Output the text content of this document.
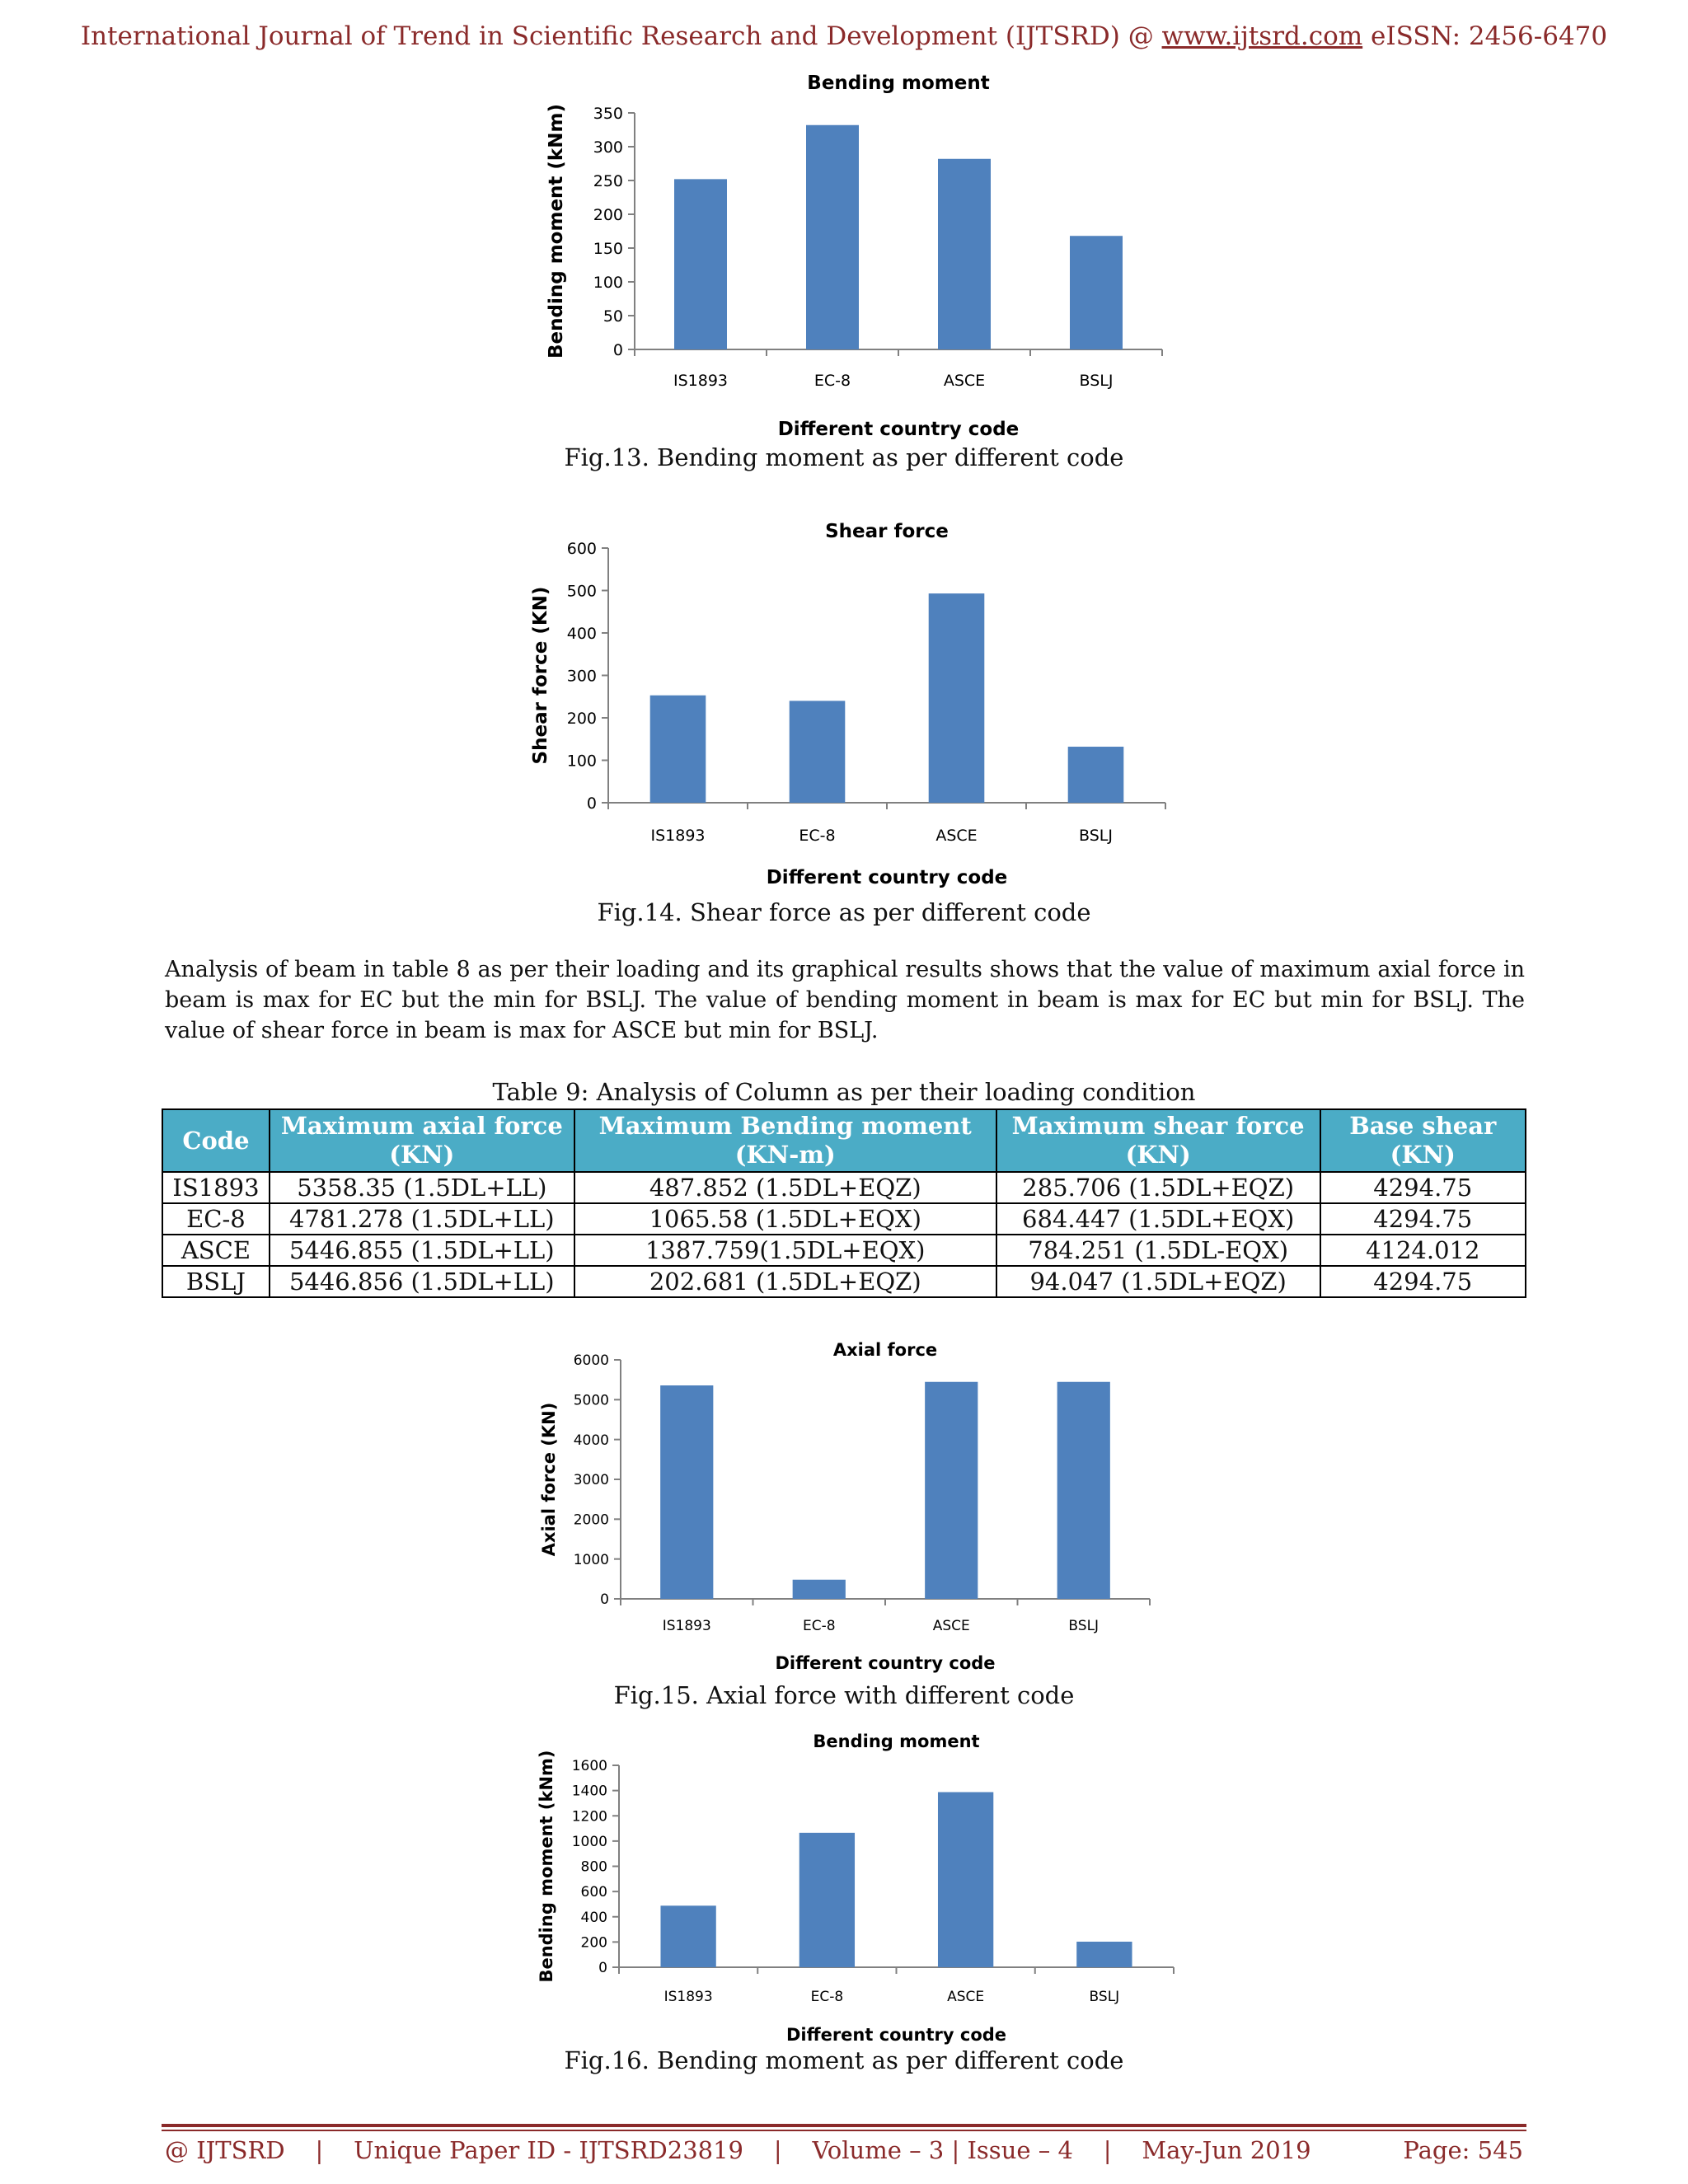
International Journal of Trend in Scientific Research and Development (IJTSRD) @ www.ijtsrd.com eISSN: 2456-6470
0
50
100
150
200
250
300
350
IS1893	EC-8	ASCE	BSLJ
Bending moment
Different country code
Bending moment (kNm)
Fig.13. Bending moment as per different code
0
100
200
300
400
500
600
IS1893	EC-8	ASCE	BSLJ
Shear force
Different country code
Shear force (KN)
Fig.14. Shear force as per different code
Analysis of beam in table 8 as per their loading and its graphical results shows that the value of maximum axial force in beam is max for EC but the min for BSLJ. The value of bending moment in beam is max for EC but min for BSLJ. The value of shear force in beam is max for ASCE but min for BSLJ.
Table 9: Analysis of Column as per their loading condition
Code	Maximum axial force (KN)	Maximum Bending moment (KN-m)	Maximum shear force (KN)	Base shear (KN)
IS1893	5358.35 (1.5DL+LL)	487.852 (1.5DL+EQZ)	285.706 (1.5DL+EQZ)	4294.75
EC-8	4781.278 (1.5DL+LL)	1065.58 (1.5DL+EQX)	684.447 (1.5DL+EQX)	4294.75
ASCE	5446.855 (1.5DL+LL)	1387.759(1.5DL+EQX)	784.251 (1.5DL-EQX)	4124.012
BSLJ	5446.856 (1.5DL+LL)	202.681 (1.5DL+EQZ)	94.047 (1.5DL+EQZ)	4294.75
0
1000
2000
3000
4000
5000
6000
IS1893	EC-8	ASCE	BSLJ
Axial force
Different country code
Axial force (KN)
Fig.15. Axial force with different code
0
200
400
600
800
1000
1200
1400
1600
IS1893	EC-8	ASCE	BSLJ
Bending moment
Different country code
Bending moment (kNm)
Fig.16. Bending moment as per different code
@ IJTSRD    |    Unique Paper ID - IJTSRD23819    |    Volume – 3 | Issue – 4    |    May-Jun 2019	Page: 545
